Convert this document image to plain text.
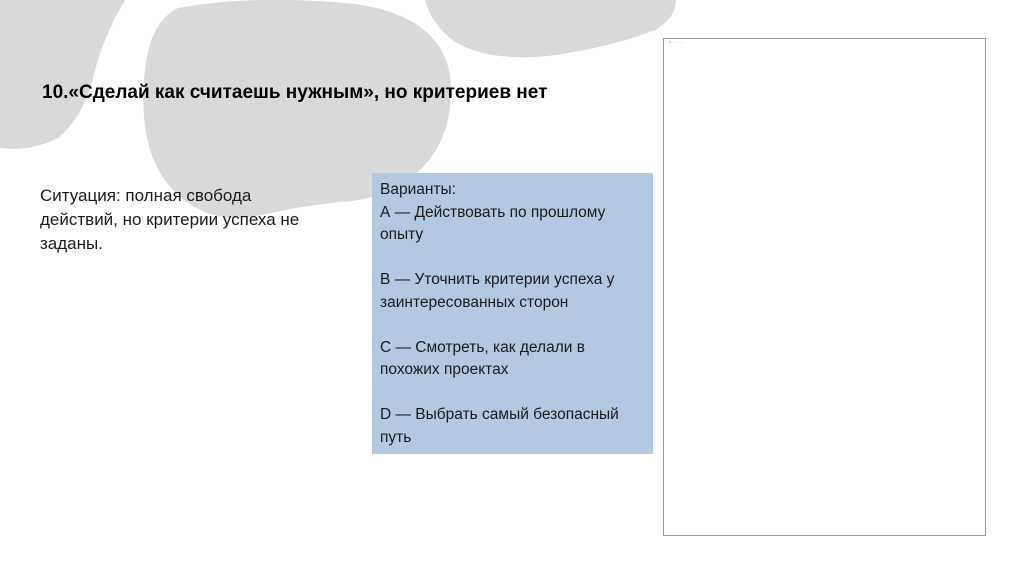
10.«Сделай как считаешь нужным», но критериев нет
Ситуация: полная свобода действий, но критерии успеха не заданы.

Варианты:

А — Действовать по прошлому опыту

B — Уточнить критерии успеха у заинтересованных сторон

C — Смотреть, как делали в похожих проектах

D — Выбрать самый безопасный путь

▯ ···· ········
